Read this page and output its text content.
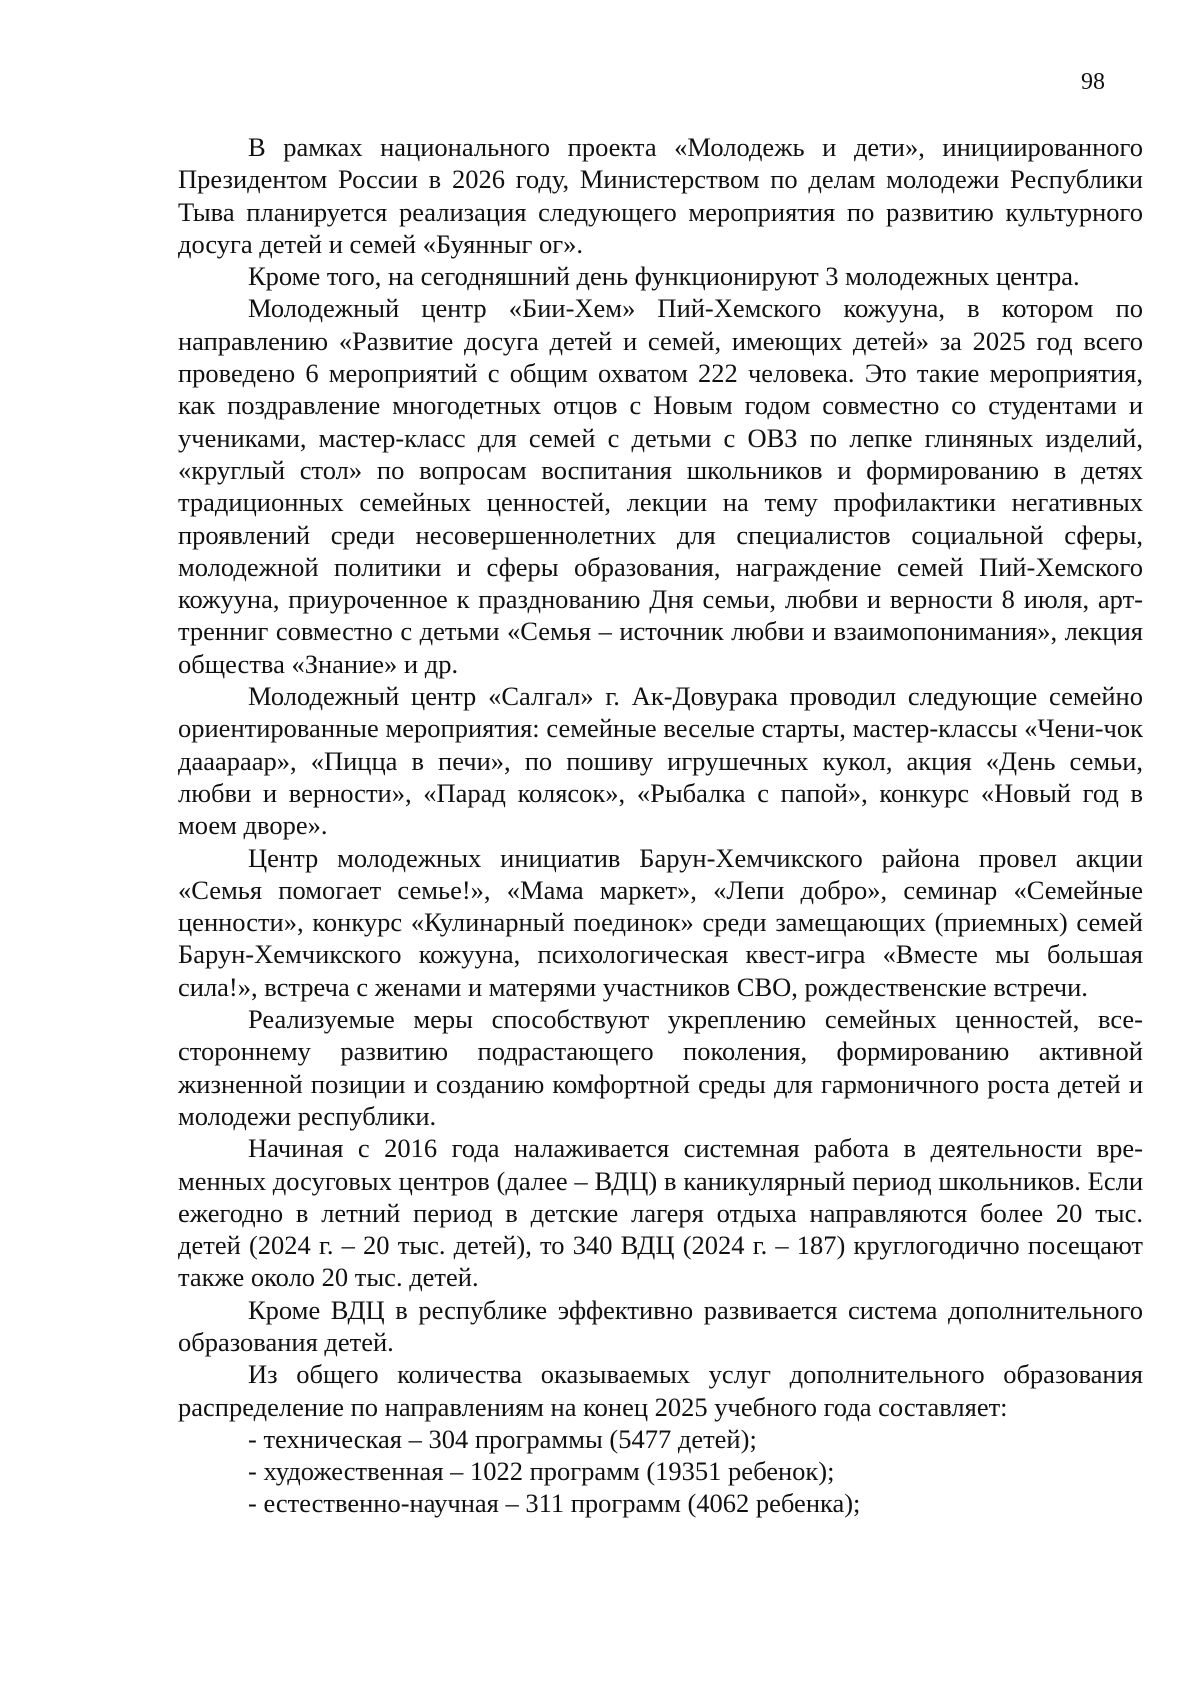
98

В рамках национального проекта «Молодежь и дети», инициированного Президентом России в 2026 году, Министерством по делам молодежи Республики Тыва планируется реализация следующего мероприятия по развитию культурного досуга детей и семей «Буянныг ог».

Кроме того, на сегодняшний день функционируют 3 молодежных центра.

Молодежный центр «Бии-Хем» Пий-Хемского кожууна, в котором по направлению «Развитие досуга детей и семей, имеющих детей» за 2025 год всего проведено 6 мероприятий с общим охватом 222 человека. Это такие мероприятия, как поздравление многодетных отцов с Новым годом совместно со студентами и учениками, мастер-класс для семей с детьми с ОВЗ по лепке глиняных изделий, «круглый стол» по вопросам воспитания школьников и формированию в детях традиционных семейных ценностей, лекции на тему профилактики негативных проявлений среди несовершеннолетних для специалистов социальной сферы, молодежной политики и сферы образования, награждение семей Пий-Хемского кожууна, приуроченное к празднованию Дня семьи, любви и верности 8 июля, арт-тренниг совместно с детьми «Семья – источник любви и взаимопонимания», лекция общества «Знание» и др.

Молодежный центр «Салгал» г. Ак-Довурака проводил следующие семейно ориентированные мероприятия: семейные веселые старты, мастер-классы «Чени-чок дааараар», «Пицца в печи», по пошиву игрушечных кукол, акция «День семьи, любви и верности», «Парад колясок», «Рыбалка с папой», конкурс «Новый год в моем дворе».

Центр молодежных инициатив Барун-Хемчикского района провел акции «Семья помогает семье!», «Мама маркет», «Лепи добро», семинар «Семейные ценности», конкурс «Кулинарный поединок» среди замещающих (приемных) семей Барун-Хемчикского кожууна, психологическая квест-игра «Вместе мы большая сила!», встреча с женами и матерями участников СВО, рождественские встречи.

Реализуемые меры способствуют укреплению семейных ценностей, всестороннему развитию подрастающего поколения, формированию активной жизненной позиции и созданию комфортной среды для гармоничного роста детей и молодежи республики.

Начиная с 2016 года налаживается системная работа в деятельности временных досуговых центров (далее – ВДЦ) в каникулярный период школьников. Если ежегодно в летний период в детские лагеря отдыха направляются более 20 тыс. детей (2024 г. – 20 тыс. детей), то 340 ВДЦ (2024 г. – 187) круглогодично посещают также около 20 тыс. детей.

Кроме ВДЦ в республике эффективно развивается система дополнительного образования детей.

Из общего количества оказываемых услуг дополнительного образования распределение по направлениям на конец 2025 учебного года составляет:

- техническая – 304 программы (5477 детей);
- художественная – 1022 программ (19351 ребенок);
- естественно-научная – 311 программ (4062 ребенка);
